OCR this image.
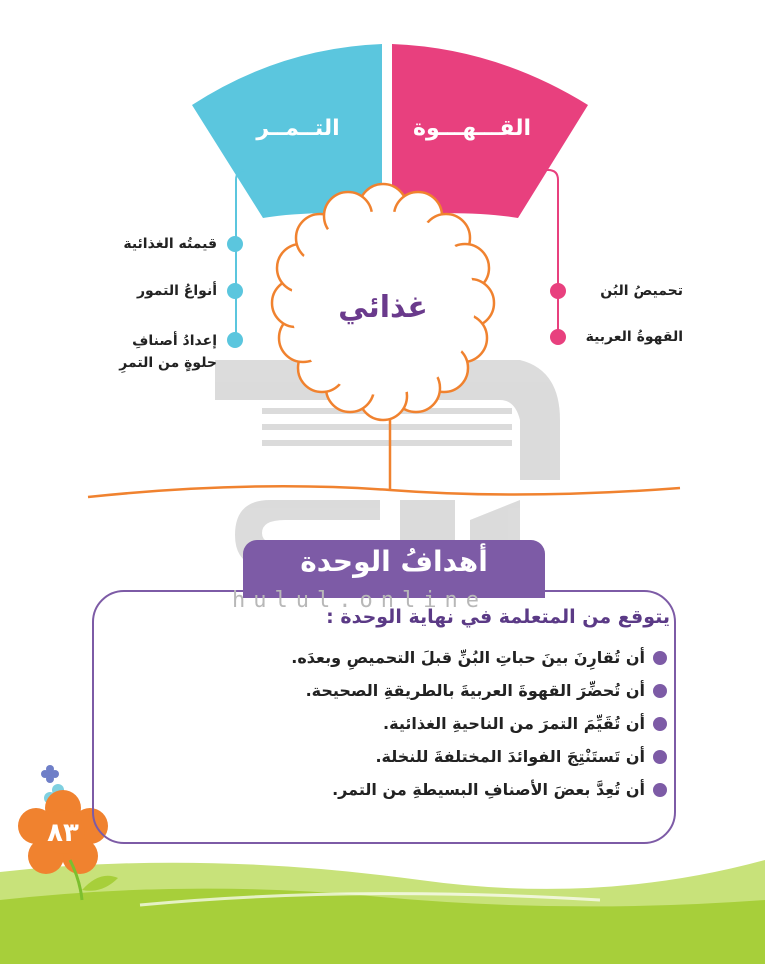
التــمــر	القـــهـــوة
قيمتُه الغذائية
أنواعُ التمور
إعدادُ أصنافِ
حلوةٍ من التمرِ
تحميصُ البُن
القهوةُ العربية
غذائي
أهدافُ الوحدة
hulul.online
يتوقع من المتعلمة في نهاية الوحدة :
أن تُقارِنَ بينَ حباتِ البُنِّ قبلَ التحميصِ وبعدَه.
أن تُحضِّرَ القهوةَ العربيةَ بالطريقةِ الصحيحة.
أن تُقَيِّمَ التمرَ من الناحيةِ الغذائية.
أن تَستَنْتِجَ الفوائدَ المختلفةَ للنخلة.
أن تُعِدَّ بعضَ الأصنافِ البسيطةِ من التمر.
٨٣
